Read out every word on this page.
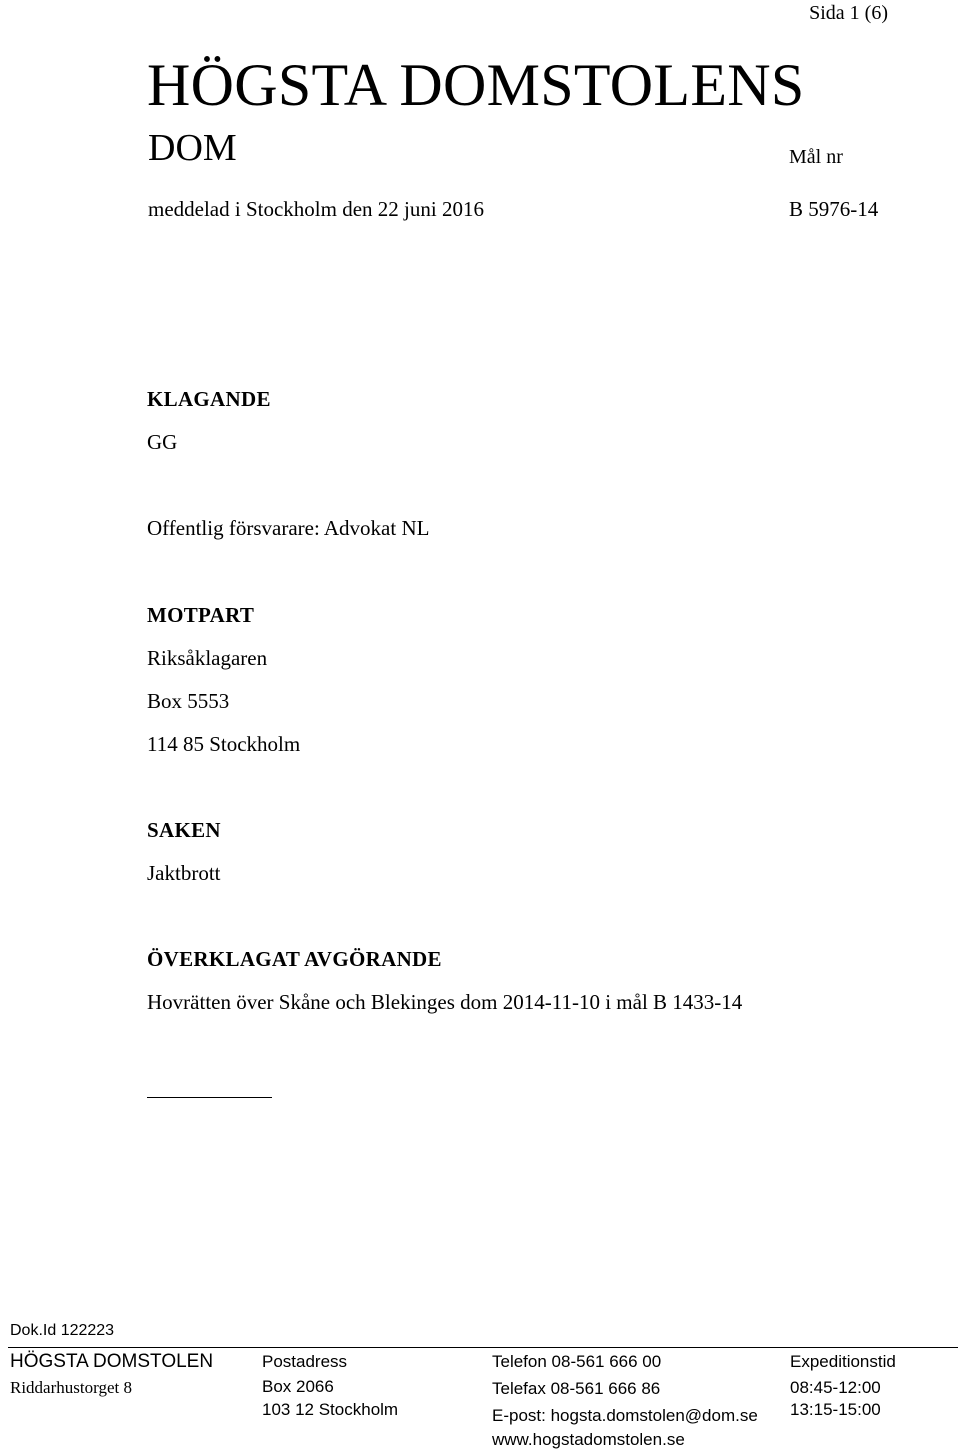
Sida 1 (6)
HÖGSTA DOMSTOLENS
DOM	Mål nr
meddelad i Stockholm den 22 juni 2016	B 5976-14
KLAGANDE
GG
Offentlig försvarare: Advokat NL
MOTPART
Riksåklagaren
Box 5553
114 85 Stockholm
SAKEN
Jaktbrott
ÖVERKLAGAT AVGÖRANDE
Hovrätten över Skåne och Blekinges dom 2014-11-10 i mål B 1433-14
Dok.Id 122223
HÖGSTA DOMSTOLEN
Riddarhustorget 8
Postadress
Box 2066
103 12 Stockholm
Telefon 08-561 666 00
Telefax 08-561 666 86
E-post: hogsta.domstolen@dom.se
www.hogstadomstolen.se
Expeditionstid
08:45-12:00
13:15-15:00
